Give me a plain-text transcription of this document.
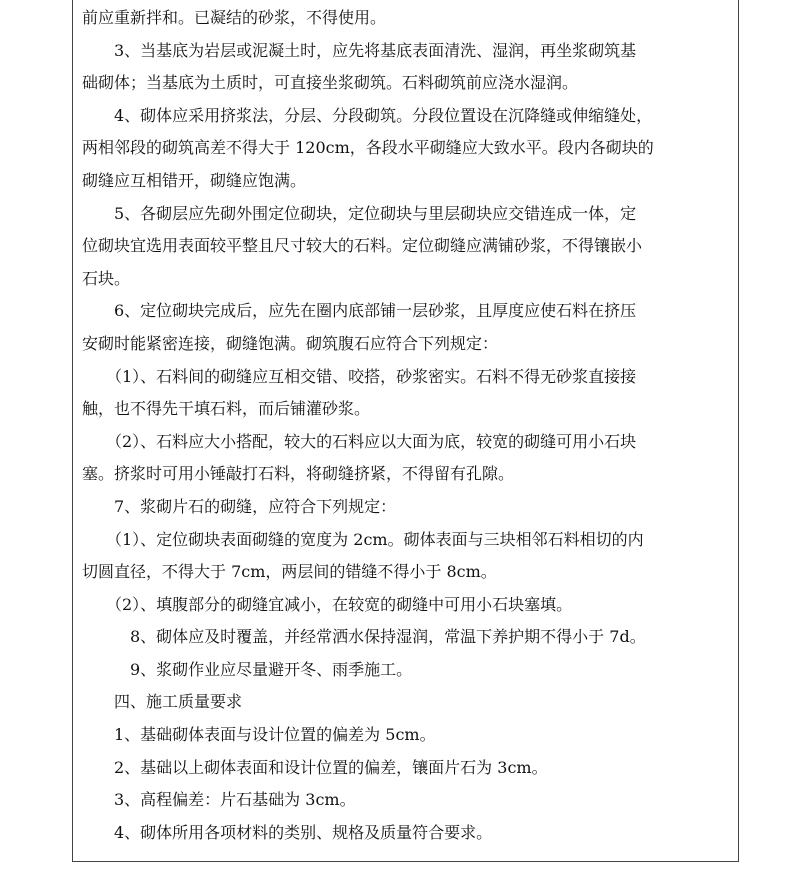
前应重新拌和。已凝结的砂浆，不得使用。
　　3、当基底为岩层或泥凝土时，应先将基底表面清洗、湿润，再坐浆砌筑基
础砌体；当基底为土质时，可直接坐浆砌筑。石料砌筑前应浇水湿润。
　　4、砌体应采用挤浆法，分层、分段砌筑。分段位置设在沉降缝或伸缩缝处，
两相邻段的砌筑高差不得大于 120cm，各段水平砌缝应大致水平。段内各砌块的
砌缝应互相错开，砌缝应饱满。
　　5、各砌层应先砌外围定位砌块，定位砌块与里层砌块应交错连成一体，定
位砌块宜选用表面较平整且尺寸较大的石料。定位砌缝应满铺砂浆，不得镶嵌小
石块。
　　6、定位砌块完成后，应先在圈内底部铺一层砂浆，且厚度应使石料在挤压
安砌时能紧密连接，砌缝饱满。砌筑腹石应符合下列规定：
　　（1）、石料间的砌缝应互相交错、咬搭，砂浆密实。石料不得无砂浆直接接
触，也不得先干填石料，而后铺灌砂浆。
　　（2）、石料应大小搭配，较大的石料应以大面为底，较宽的砌缝可用小石块
塞。挤浆时可用小锤敲打石料，将砌缝挤紧，不得留有孔隙。
　　7、浆砌片石的砌缝，应符合下列规定：
　　（1）、定位砌块表面砌缝的宽度为 2cm。砌体表面与三块相邻石料相切的内
切圆直径，不得大于 7cm，两层间的错缝不得小于 8cm。
　　（2）、填腹部分的砌缝宜减小，在较宽的砌缝中可用小石块塞填。
　　　8、砌体应及时覆盖，并经常洒水保持湿润，常温下养护期不得小于 7d。
　　　9、浆砌作业应尽量避开冬、雨季施工。
　　四、施工质量要求
　　1、基础砌体表面与设计位置的偏差为 5cm。
　　2、基础以上砌体表面和设计位置的偏差，镶面片石为 3cm。
　　3、高程偏差：片石基础为 3cm。
　　4、砌体所用各项材料的类别、规格及质量符合要求。
